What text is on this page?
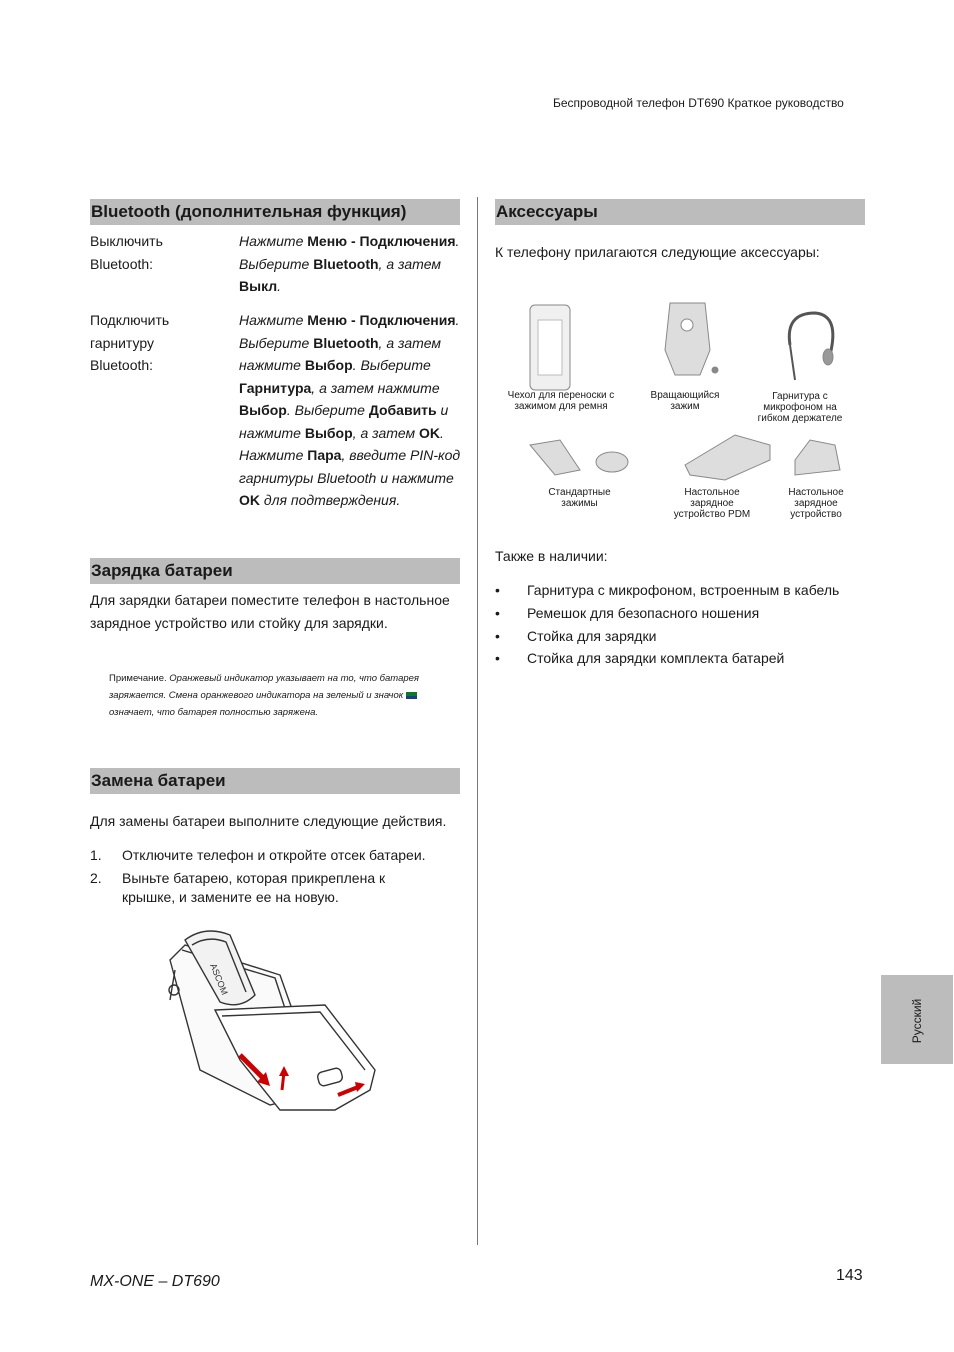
Беспроводной телефон DT690 Краткое руководство
Bluetooth (дополнительная функция)
Выключить Bluetooth:
Нажмите Меню - Подключения. Выберите Bluetooth, а затем Выкл.
Подключить гарнитуру Bluetooth:
Нажмите Меню - Подключения. Выберите Bluetooth, а затем нажмите Выбор. Выберите Гарнитура, а затем нажмите Выбор. Выберите Добавить и нажмите Выбор, а затем OK. Нажмите Пара, введите PIN-код гарнитуры Bluetooth и нажмите OK для подтверждения.
Зарядка батареи
Для зарядки батареи поместите телефон в настольное зарядное устройство или стойку для зарядки.
Примечание. Оранжевый индикатор указывает на то, что батарея заряжается. Смена оранжевого индикатора на зеленый и значок  означает, что батарея полностью заряжена.
Замена батареи
Для замены батареи выполните следующие действия.
1. Отключите телефон и откройте отсек батареи.
2. Выньте батарею, которая прикреплена к крышке, и замените ее на новую.
ASCOM
Аксессуары
К телефону прилагаются следующие аксессуары:
Чехол для переноски с зажимом для ремня
Вращающийся зажим
Гарнитура с микрофоном на гибком держателе
Стандартные зажимы
Настольное зарядное устройство PDM
Настольное зарядное устройство
Также в наличии:
• Гарнитура с микрофоном, встроенным в кабель
• Ремешок для безопасного ношения
• Стойка для зарядки
• Стойка для зарядки комплекта батарей
Русский
MX-ONE – DT690	143
